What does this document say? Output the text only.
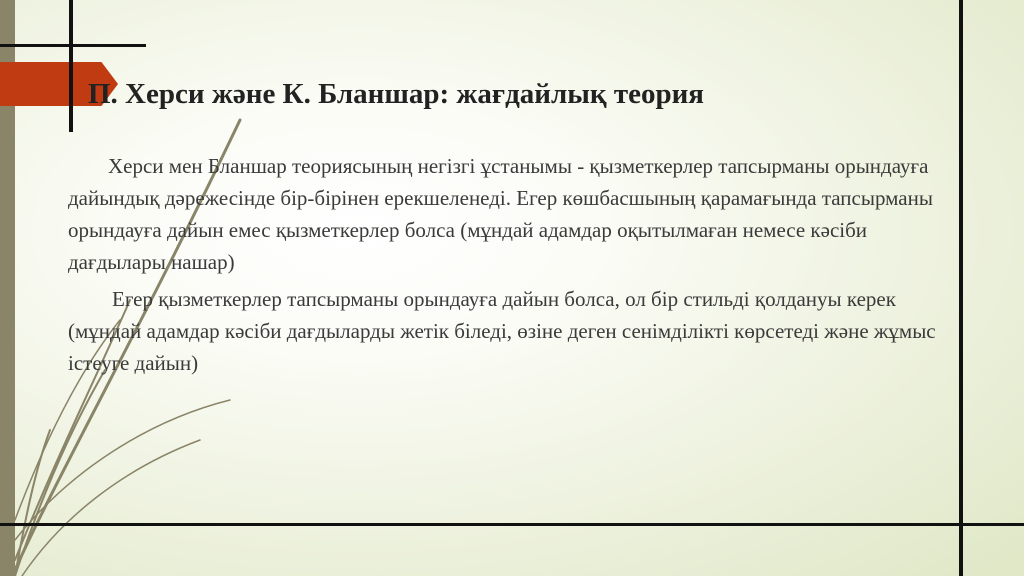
П. Херси және К. Бланшар: жағдайлық теория

Херси мен Бланшар теориясының негізгі ұстанымы - қызметкерлер тапсырманы орындауға дайындық дәрежесінде бір-бірінен ерекшеленеді. Егер көшбасшының қарамағында тапсырманы орындауға дайын емес қызметкерлер болса (мұндай адамдар оқытылмаған немесе кәсіби дағдылары нашар)

Егер қызметкерлер тапсырманы орындауға дайын болса, ол бір стильді қолдануы керек (мұндай адамдар кәсіби дағдыларды жетік біледі, өзіне деген сенімділікті көрсетеді және жұмыс істеуге дайын)
